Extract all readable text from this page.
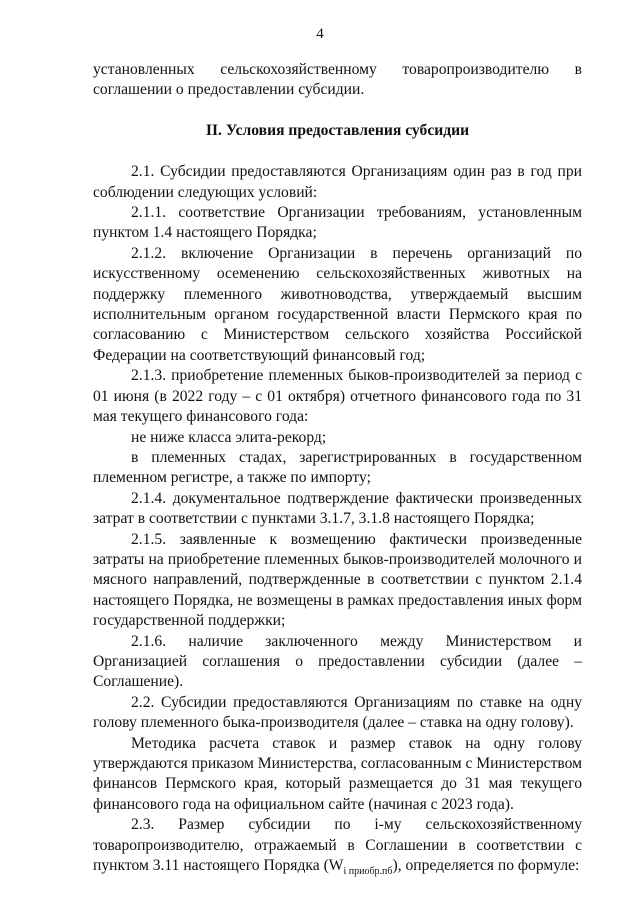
4

установленных сельскохозяйственному товаропроизводителю в соглашении о предоставлении субсидии.

II. Условия предоставления субсидии

2.1. Субсидии предоставляются Организациям один раз в год при соблюдении следующих условий:

2.1.1. соответствие Организации требованиям, установленным пунктом 1.4 настоящего Порядка;

2.1.2. включение Организации в перечень организаций по искусственному осеменению сельскохозяйственных животных на поддержку племенного животноводства, утверждаемый высшим исполнительным органом государственной власти Пермского края по согласованию с Министерством сельского хозяйства Российской Федерации на соответствующий финансовый год;

2.1.3. приобретение племенных быков-производителей за период с 01 июня (в 2022 году – с 01 октября) отчетного финансового года по 31 мая текущего финансового года:

не ниже класса элита-рекорд;

в племенных стадах, зарегистрированных в государственном племенном регистре, а также по импорту;

2.1.4. документальное подтверждение фактически произведенных затрат в соответствии с пунктами 3.1.7, 3.1.8 настоящего Порядка;

2.1.5. заявленные к возмещению фактически произведенные затраты на приобретение племенных быков-производителей молочного и мясного направлений, подтвержденные в соответствии с пунктом 2.1.4 настоящего Порядка, не возмещены в рамках предоставления иных форм государственной поддержки;

2.1.6. наличие заключенного между Министерством и Организацией соглашения о предоставлении субсидии (далее – Соглашение).

2.2. Субсидии предоставляются Организациям по ставке на одну голову племенного быка-производителя (далее – ставка на одну голову).

Методика расчета ставок и размер ставок на одну голову утверждаются приказом Министерства, согласованным с Министерством финансов Пермского края, который размещается до 31 мая текущего финансового года на официальном сайте (начиная с 2023 года).

2.3. Размер субсидии по i-му сельскохозяйственному товаропроизводителю, отражаемый в Соглашении в соответствии с пунктом 3.11 настоящего Порядка $(W_{i приобр.пб})$, определяется по формуле:
